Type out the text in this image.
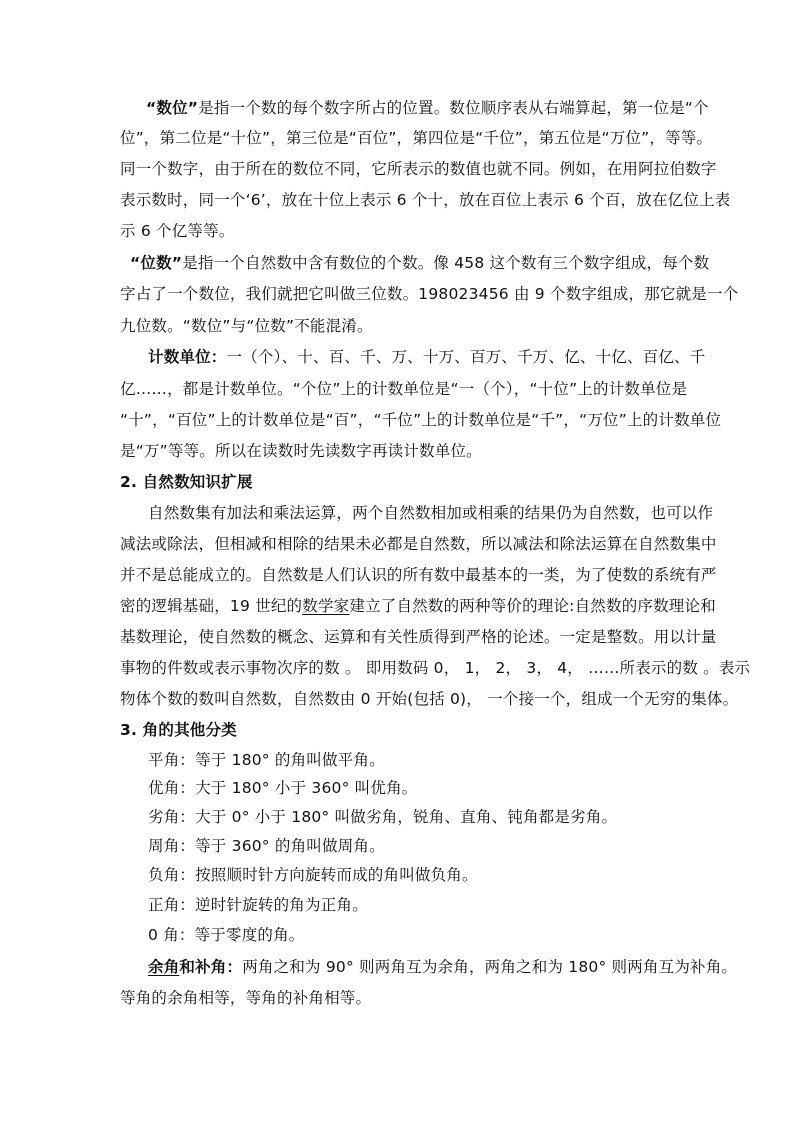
“数位”是指一个数的每个数字所占的位置。数位顺序表从右端算起，第一位是“个
位”，第二位是“十位”，第三位是“百位”，第四位是“千位”，第五位是“万位”，等等。
同一个数字，由于所在的数位不同，它所表示的数值也就不同。例如，在用阿拉伯数字
表示数时，同一个‘6’，放在十位上表示 6 个十，放在百位上表示 6 个百，放在亿位上表
示 6 个亿等等。
“位数”是指一个自然数中含有数位的个数。像 458 这个数有三个数字组成，每个数
字占了一个数位，我们就把它叫做三位数。198023456 由 9 个数字组成，那它就是一个
九位数。“数位”与“位数”不能混淆。
计数单位：一（个）、十、百、千、万、十万、百万、千万、亿、十亿、百亿、千
亿……，都是计数单位。“个位”上的计数单位是“一（个），“十位”上的计数单位是
“十”，“百位”上的计数单位是“百”，“千位”上的计数单位是“千”，“万位”上的计数单位
是“万”等等。所以在读数时先读数字再读计数单位。
2. 自然数知识扩展
自然数集有加法和乘法运算，两个自然数相加或相乘的结果仍为自然数，也可以作
减法或除法，但相减和相除的结果未必都是自然数，所以减法和除法运算在自然数集中
并不是总能成立的。自然数是人们认识的所有数中最基本的一类，为了使数的系统有严
密的逻辑基础，19 世纪的数学家建立了自然数的两种等价的理论:自然数的序数理论和
基数理论，使自然数的概念、运算和有关性质得到严格的论述。一定是整数。用以计量
事物的件数或表示事物次序的数 。 即用数码 0， 1， 2， 3， 4， ……所表示的数 。表示
物体个数的数叫自然数，自然数由 0 开始(包括 0)， 一个接一个，组成一个无穷的集体。
3. 角的其他分类
平角：等于 180° 的角叫做平角。
优角：大于 180° 小于 360° 叫优角。
劣角：大于 0° 小于 180° 叫做劣角，锐角、直角、钝角都是劣角。
周角：等于 360° 的角叫做周角。
负角：按照顺时针方向旋转而成的角叫做负角。
正角：逆时针旋转的角为正角。
0 角：等于零度的角。
余角和补角：两角之和为 90° 则两角互为余角，两角之和为 180° 则两角互为补角。
等角的余角相等，等角的补角相等。
